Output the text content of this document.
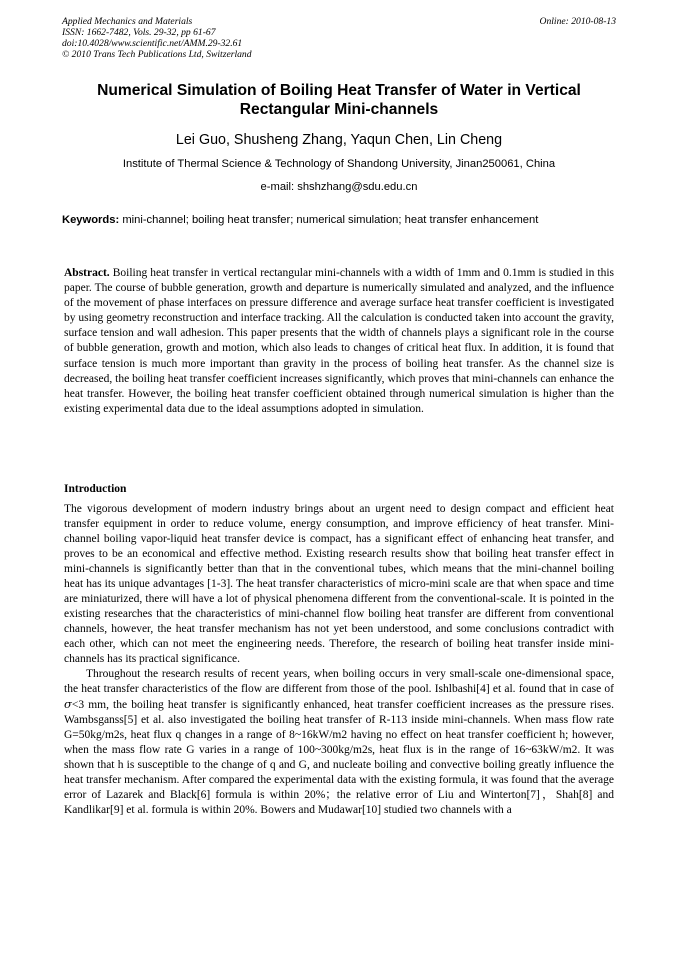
Applied Mechanics and Materials
ISSN: 1662-7482, Vols. 29-32, pp 61-67
doi:10.4028/www.scientific.net/AMM.29-32.61
© 2010 Trans Tech Publications Ltd, Switzerland
Online: 2010-08-13
Numerical Simulation of Boiling Heat Transfer of Water in Vertical Rectangular Mini-channels
Lei Guo, Shusheng Zhang, Yaqun Chen, Lin Cheng
Institute of Thermal Science & Technology of Shandong University, Jinan250061, China
e-mail: shshzhang@sdu.edu.cn
Keywords: mini-channel; boiling heat transfer; numerical simulation; heat transfer enhancement
Abstract. Boiling heat transfer in vertical rectangular mini-channels with a width of 1mm and 0.1mm is studied in this paper. The course of bubble generation, growth and departure is numerically simulated and analyzed, and the influence of the movement of phase interfaces on pressure difference and average surface heat transfer coefficient is investigated by using geometry reconstruction and interface tracking. All the calculation is conducted taken into account the gravity, surface tension and wall adhesion. This paper presents that the width of channels plays a significant role in the course of bubble generation, growth and motion, which also leads to changes of critical heat flux. In addition, it is found that surface tension is much more important than gravity in the process of boiling heat transfer. As the channel size is decreased, the boiling heat transfer coefficient increases significantly, which proves that mini-channels can enhance the heat transfer. However, the boiling heat transfer coefficient obtained through numerical simulation is higher than the existing experimental data due to the ideal assumptions adopted in simulation.
Introduction

The vigorous development of modern industry brings about an urgent need to design compact and efficient heat transfer equipment in order to reduce volume, energy consumption, and improve efficiency of heat transfer. Mini-channel boiling vapor-liquid heat transfer device is compact, has a significant effect of enhancing heat transfer, and proves to be an economical and effective method. Existing research results show that boiling heat transfer effect in mini-channels is significantly better than that in the conventional tubes, which means that the mini-channel boiling heat has its unique advantages [1-3]. The heat transfer characteristics of micro-mini scale are that when space and time are miniaturized, there will have a lot of physical phenomena different from the conventional-scale. It is pointed in the existing researches that the characteristics of mini-channel flow boiling heat transfer are different from conventional channels, however, the heat transfer mechanism has not yet been understood, and some conclusions contradict with each other, which can not meet the engineering needs. Therefore, the research of boiling heat transfer inside mini-channels has its practical significance.

Throughout the research results of recent years, when boiling occurs in very small-scale one-dimensional space, the heat transfer characteristics of the flow are different from those of the pool. Ishlbashi[4] et al. found that in case of σ<3 mm, the boiling heat transfer is significantly enhanced, heat transfer coefficient increases as the pressure rises. Wambsganss[5] et al. also investigated the boiling heat transfer of R-113 inside mini-channels. When mass flow rate G=50kg/m2s, heat flux q changes in a range of 8~16kW/m2 having no effect on heat transfer coefficient h; however, when the mass flow rate G varies in a range of 100~300kg/m2s, heat flux is in the range of 16~63kW/m2. It was shown that h is susceptible to the change of q and G, and nucleate boiling and convective boiling greatly influence the heat transfer mechanism. After compared the experimental data with the existing formula, it was found that the average error of Lazarek and Black[6] formula is within 20%；the relative error of Liu and Winterton[7]，Shah[8] and Kandlikar[9] et al. formula is within 20%. Bowers and Mudawar[10] studied two channels with a
